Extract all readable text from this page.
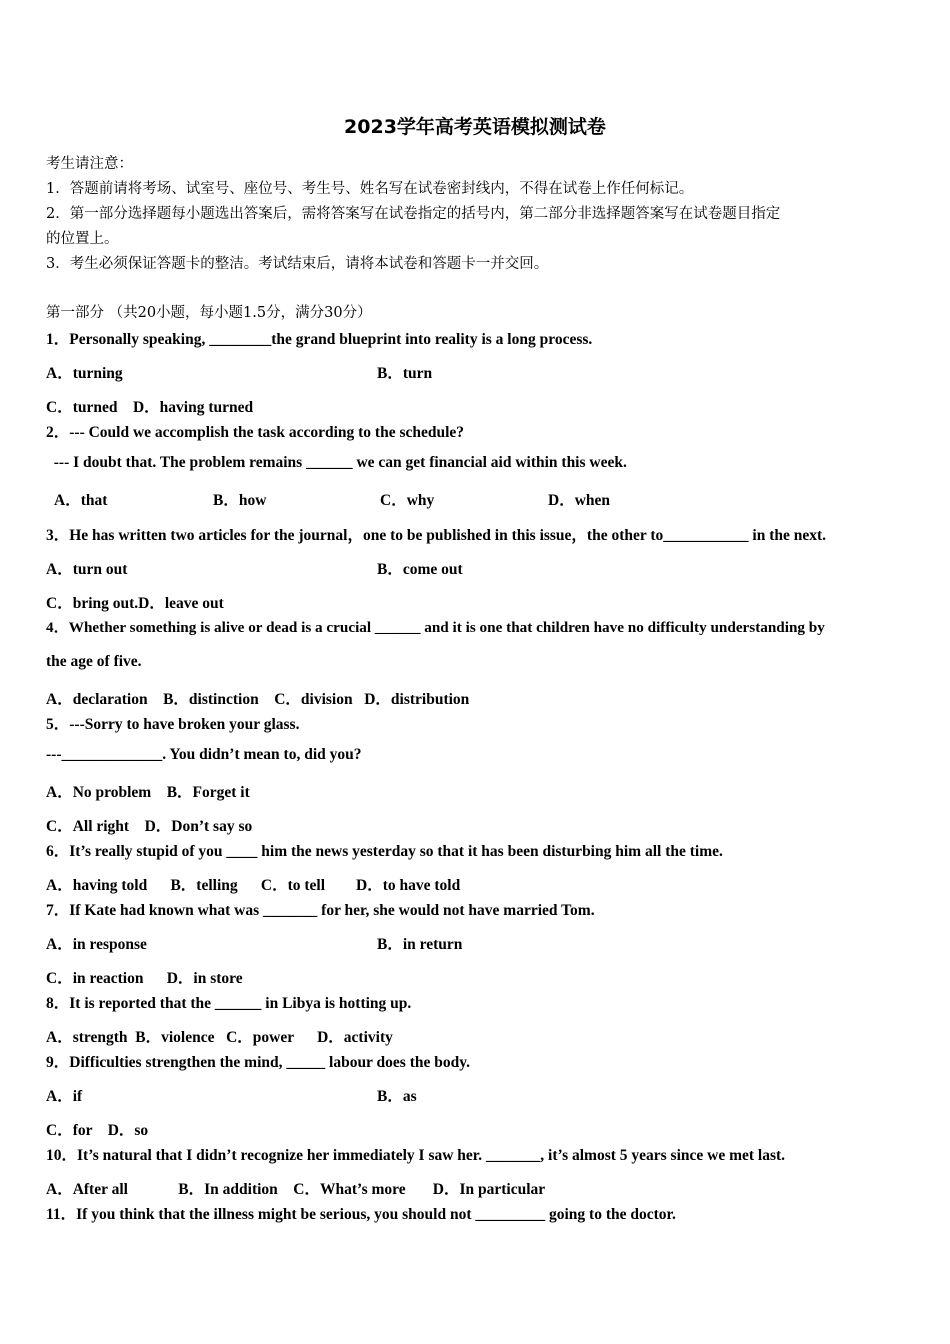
2023学年高考英语模拟测试卷
考生请注意：
1．答题前请将考场、试室号、座位号、考生号、姓名写在试卷密封线内，不得在试卷上作任何标记。
2．第一部分选择题每小题选出答案后，需将答案写在试卷指定的括号内，第二部分非选择题答案写在试卷题目指定
的位置上。
3．考生必须保证答题卡的整洁。考试结束后，请将本试卷和答题卡一并交回。
第一部分 （共20小题，每小题1.5分，满分30分）
1．Personally speaking, ________the grand blueprint into reality is a long process.
A．turning	B．turn
C．turned    D．having turned
2．--- Could we accomplish the task according to the schedule?
--- I doubt that. The problem remains ______ we can get financial aid within this week.
A．that	B．how	C．why	D．when
3．He has written two articles for the journal，one to be published in this issue，the other to___________ in the next.
A．turn out	B．come out
C．bring out.D．leave out
4．Whether something is alive or dead is a crucial ______ and it is one that children have no difficulty understanding by
the age of five.
A．declaration    B．distinction    C．division   D．distribution
5．---Sorry to have broken your glass.
---_____________. You didn’t mean to, did you?
A．No problem    B．Forget it
C．All right    D．Don’t say so
6．It’s really stupid of you ____ him the news yesterday so that it has been disturbing him all the time.
A．having told      B．telling      C．to tell        D．to have told
7．If Kate had known what was _______ for her, she would not have married Tom.
A．in response	B．in return
C．in reaction      D．in store
8．It is reported that the ______ in Libya is hotting up.
A．strength  B．violence   C．power      D．activity
9．Difficulties strengthen the mind, _____ labour does the body.
A．if	B．as
C．for    D．so
10．It’s natural that I didn’t recognize her immediately I saw her. _______, it’s almost 5 years since we met last.
A．After all             B．In addition    C．What’s more       D．In particular
11．If you think that the illness might be serious, you should not _________ going to the doctor.
